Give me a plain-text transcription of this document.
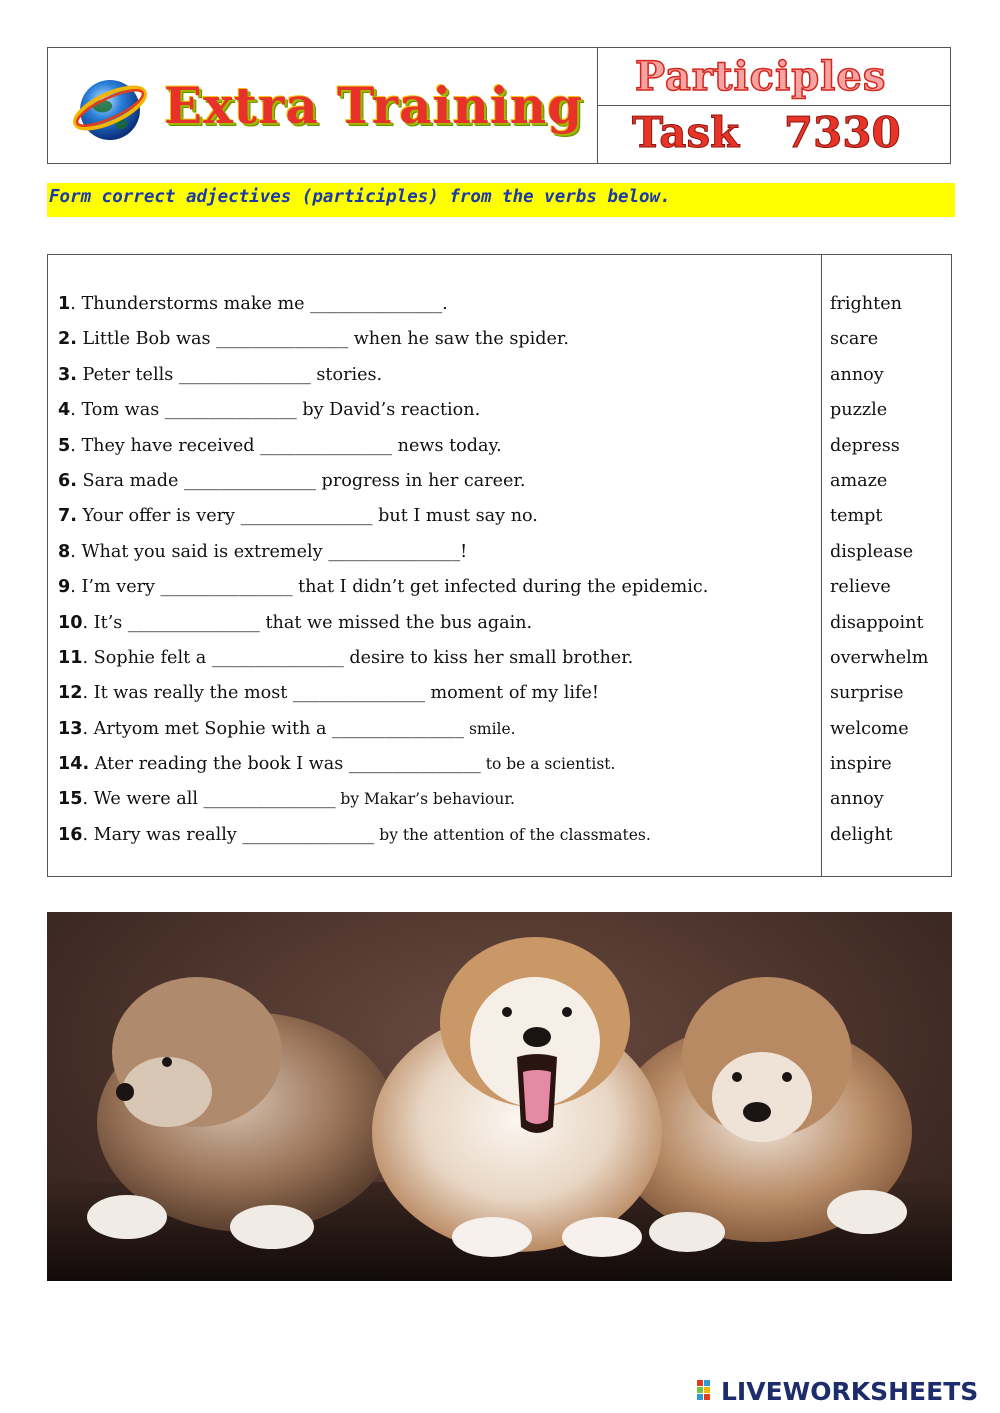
Extra Training Participles
Task 7330
Form correct adjectives (participles) from the verbs below.
1. Thunderstorms make me _______________.	frighten
2. Little Bob was _______________ when he saw the spider.	scare
3. Peter tells _______________ stories.	annoy
4. Tom was _______________ by David’s reaction.	puzzle
5. They have received _______________ news today.	depress
6. Sara made _______________ progress in her career.	amaze
7. Your offer is very _______________ but I must say no.	tempt
8. What you said is extremely _______________!	displease
9. I’m very _______________ that I didn’t get infected during the epidemic.	relieve
10. It’s _______________ that we missed the bus again.	disappoint
11. Sophie felt a _______________ desire to kiss her small brother.	overwhelm
12. It was really the most _______________ moment of my life!	surprise
13. Artyom met Sophie with a _______________ smile.	welcome
14. Ater reading the book I was _______________ to be a scientist.	inspire
15. We were all _______________ by Makar’s behaviour.	annoy
16. Mary was really _______________ by the attention of the classmates.	delight
LIVEWORKSHEETS
